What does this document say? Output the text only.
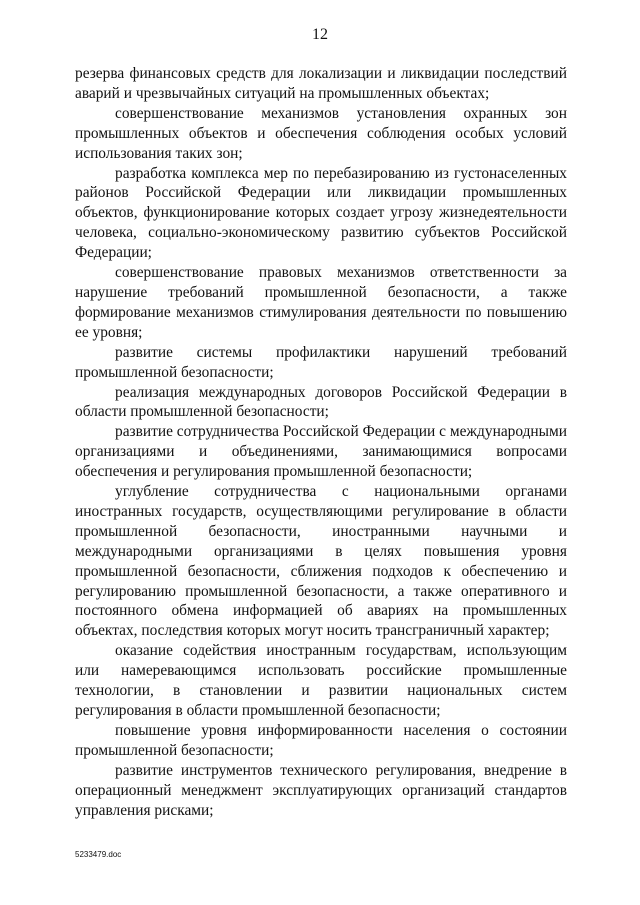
12

резерва финансовых средств для локализации и ликвидации последствий аварий и чрезвычайных ситуаций на промышленных объектах;

совершенствование механизмов установления охранных зон промышленных объектов и обеспечения соблюдения особых условий использования таких зон;

разработка комплекса мер по перебазированию из густонаселенных районов Российской Федерации или ликвидации промышленных объектов, функционирование которых создает угрозу жизнедеятельности человека, социально-экономическому развитию субъектов Российской Федерации;

совершенствование правовых механизмов ответственности за нарушение требований промышленной безопасности, а также формирование механизмов стимулирования деятельности по повышению ее уровня;

развитие системы профилактики нарушений требований промышленной безопасности;

реализация международных договоров Российской Федерации в области промышленной безопасности;

развитие сотрудничества Российской Федерации с международными организациями и объединениями, занимающимися вопросами обеспечения и регулирования промышленной безопасности;

углубление сотрудничества с национальными органами иностранных государств, осуществляющими регулирование в области промышленной безопасности, иностранными научными и международными организациями в целях повышения уровня промышленной безопасности, сближения подходов к обеспечению и регулированию промышленной безопасности, а также оперативного и постоянного обмена информацией об авариях на промышленных объектах, последствия которых могут носить трансграничный характер;

оказание содействия иностранным государствам, использующим или намеревающимся использовать российские промышленные технологии, в становлении и развитии национальных систем регулирования в области промышленной безопасности;

повышение уровня информированности населения о состоянии промышленной безопасности;

развитие инструментов технического регулирования, внедрение в операционный менеджмент эксплуатирующих организаций стандартов управления рисками;

5233479.doc
